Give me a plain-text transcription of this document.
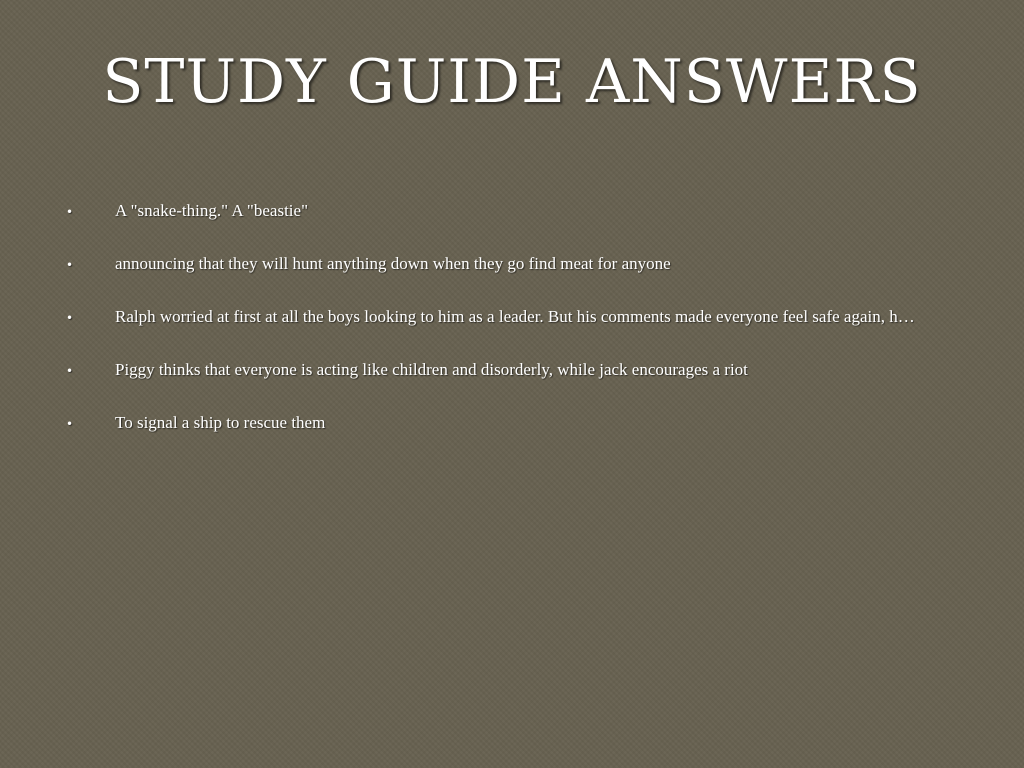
STUDY GUIDE ANSWERS
• A "snake-thing." A "beastie"
• announcing that they will hunt anything down when they go find meat for anyone
• Ralph worried at first at all the boys looking to him as a leader. But his comments made everyone feel safe again, h…
• Piggy thinks that everyone is acting like children and disorderly, while jack encourages a riot
• To signal a ship to rescue them
